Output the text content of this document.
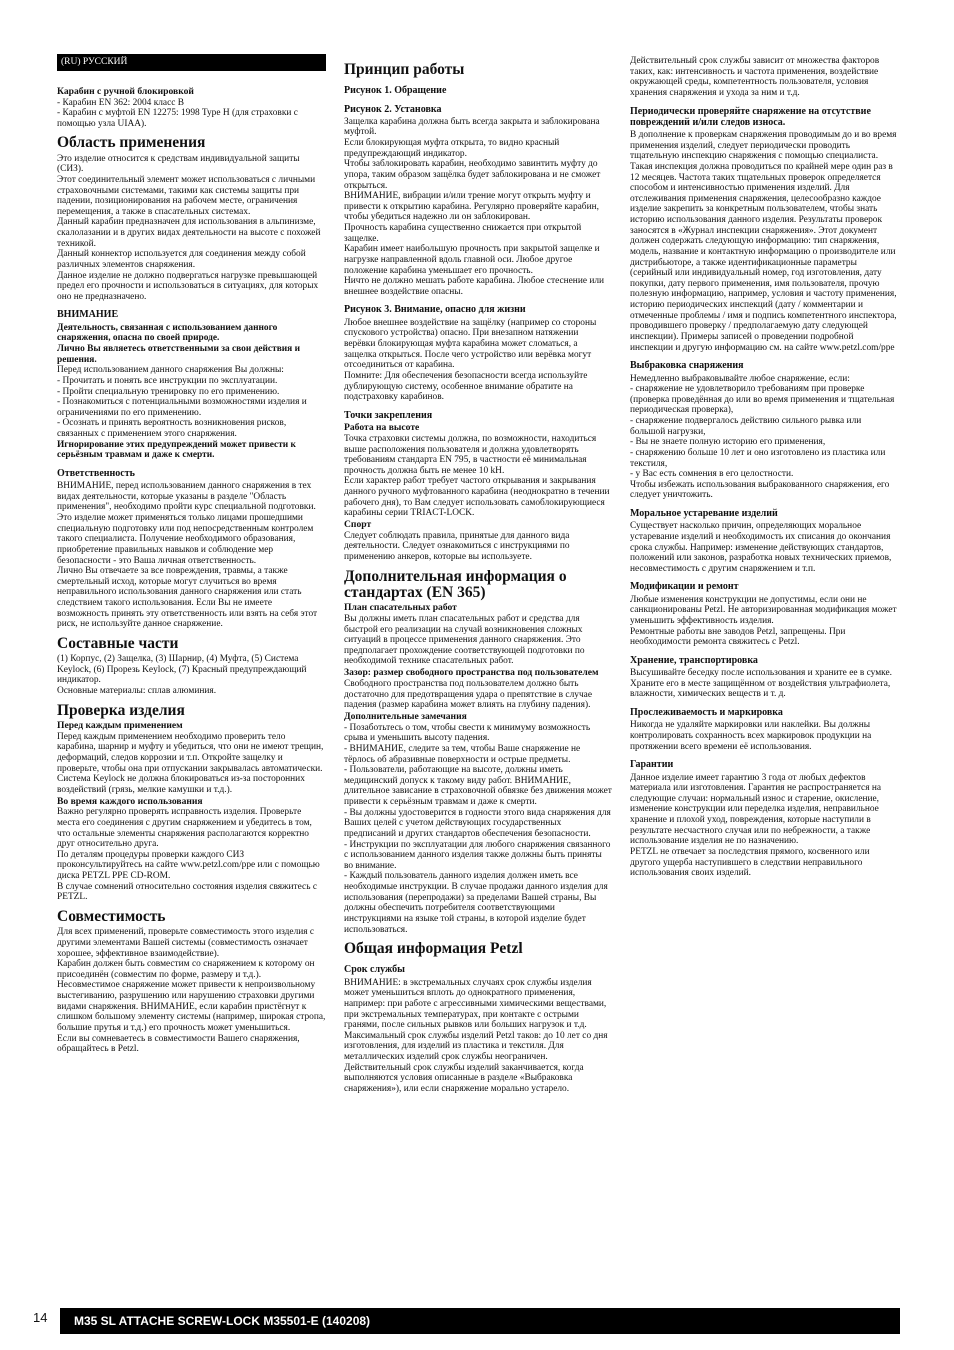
(RU) РУССКИЙ
Карабин с ручной блокировкой
- Карабин EN 362: 2004 класс B
- Карабин с муфтой EN 12275: 1998 Type H (для страховки с помощью узла UIAA).
Область применения
Это изделие относится к средствам индивидуальной защиты (СИЗ).
Этот соединительный элемент может использоваться с личными страховочными системами, такими как системы защиты при падении, позиционирования на рабочем месте, ограничения перемещения, а также в спасательных системах.
Данный карабин предназначен для использования в альпинизме, скалолазании и в других видах деятельности на высоте с похожей техникой.
Данный коннектор используется для соединения между собой различных элементов снаряжения.
Данное изделие не должно подвергаться нагрузке превышающей предел его прочности и использоваться в ситуациях, для которых оно не предназначено.
ВНИМАНИЕ
Деятельность, связанная с использованием данного снаряжения, опасна по своей природе.
Лично Вы являетесь ответственными за свои действия и решения.
Перед использованием данного снаряжения Вы должны:
- Прочитать и понять все инструкции по эксплуатации.
- Пройти специальную тренировку по его применению.
- Познакомиться с потенциальными возможностями изделия и ограничениями по его применению.
- Осознать и принять вероятность возникновения рисков, связанных с применением этого снаряжения.
Игнорирование этих предупреждений может привести к серьёзным травмам и даже к смерти.
Ответственность
ВНИМАНИЕ, перед использованием данного снаряжения в тех видах деятельности, которые указаны в разделе "Область применения", необходимо пройти курс специальной подготовки.
Это изделие может применяться только лицами прошедшими специальную подготовку или под непосредственным контролем такого специалиста. Получение необходимого образования, приобретение правильных навыков и соблюдение мер безопасности - это Ваша личная ответственность.
Лично Вы отвечаете за все повреждения, травмы, а также смертельный исход, которые могут случиться во время неправильного использования данного снаряжения или стать следствием такого использования. Если Вы не имеете возможность принять эту ответственность или взять на себя этот риск, не используйте данное снаряжение.
Составные части
(1) Корпус, (2) Защелка, (3) Шарнир, (4) Муфта, (5) Система Keylock, (6) Прорезь Keylock, (7) Красный предупреждающий индикатор.
Основные материалы: сплав алюминия.
Проверка изделия
Перед каждым применением
Перед каждым применением необходимо проверить тело карабина, шарнир и муфту и убедиться, что они не имеют трещин, деформаций, следов коррозии и т.п. Откройте защелку и проверьте, чтобы она при отпускании закрывалась автоматически. Система Keylock не должна блокироваться из-за посторонних воздействий (грязь, мелкие камушки и т.д.).
Во время каждого использования
Важно регулярно проверять исправность изделия. Проверьте места его соединения с другим снаряжением и убедитесь в том, что остальные элементы снаряжения располагаются корректно друг относительно друга.
По деталям процедуры проверки каждого СИЗ проконсультируйтесь на сайте www.petzl.com/ppe или с помощью диска PETZL PPE CD-ROM.
В случае сомнений относительно состояния изделия свяжитесь с PETZL.
Совместимость
Для всех применений, проверьте совместимость этого изделия с другими элементами Вашей системы (совместимость означает хорошее, эффективное взаимодействие).
Карабин должен быть совместим со снаряжением к которому он присоединён (совместим по форме, размеру и т.д.). Несовместимое снаряжение может привести к непроизвольному выстегиванию, разрушению или нарушению страховки другими видами снаряжения. ВНИМАНИЕ, если карабин пристёгнут к слишком большому элементу системы (например, широкая стропа, большие прутья и т.д.) его прочность может уменьшиться.
Если вы сомневаетесь в совместимости Вашего снаряжения, обращайтесь в Petzl.
Принцип работы
Рисунок 1. Обращение
Рисунок 2. Установка
Защелка карабина должна быть всегда закрыта и заблокирована муфтой.
Если блокирующая муфта открыта, то видно красный предупреждающий индикатор.
Чтобы заблокировать карабин, необходимо завинтить муфту до упора, таким образом защёлка будет заблокирована и не сможет открыться.
ВНИМАНИЕ, вибрации и/или трение могут открыть муфту и привести к открытию карабина. Регулярно проверяйте карабин, чтобы убедиться надежно ли он заблокирован.
Прочность карабина существенно снижается при открытой защелке.
Карабин имеет наибольшую прочность при закрытой защелке и нагрузке направленной вдоль главной оси. Любое другое положение карабина уменьшает его прочность.
Ничто не должно мешать работе карабина. Любое стеснение или внешнее воздействие опасны.
Рисунок 3. Внимание, опасно для жизни
Любое внешнее воздействие на защёлку (например со стороны спускового устройства) опасно. При внезапном натяжении верёвки блокирующая муфта карабина может сломаться, а защелка открыться. После чего устройство или верёвка могут отсоединиться от карабина.
Помните: Для обеспечения безопасности всегда используйте дублирующую систему, особенное внимание обратите на подстраховку карабинов.
Точки закрепления
Работа на высоте
Точка страховки системы должна, по возможности, находиться выше расположения пользователя и должна удовлетворять требованиям стандарта EN 795, в частности её минимальная прочность должна быть не менее 10 kH.
Если характер работ требует частого открывания и закрывания данного ручного муфтованного карабина (неоднократно в течении рабочего дня), то Вам следует использовать самоблокирующиеся карабины серии TRIACT-LOCK.
Спорт
Следует соблюдать правила, принятые для данного вида деятельности. Следует ознакомиться с инструкциями по применению анкеров, которые вы используете.
Дополнительная информация о стандартах (EN 365)
План спасательных работ
Вы должны иметь план спасательных работ и средства для быстрой его реализации на случай возникновения сложных ситуаций в процессе применения данного снаряжения. Это предполагает прохождение соответствующей подготовки по необходимой технике спасательных работ.
Зазор: размер свободного пространства под пользователем
Свободного пространства под пользователем должно быть достаточно для предотвращения удара о препятствие в случае падения (размер карабина может влиять на глубину падения).
Дополнительные замечания
- Позаботьтесь о том, чтобы свести к минимуму возможность срыва и уменьшить высоту падения.
- ВНИМАНИЕ, следите за тем, чтобы Ваше снаряжение не тёрлось об абразивные поверхности и острые предметы.
- Пользователи, работающие на высоте, должны иметь медицинский допуск к такому виду работ. ВНИМАНИЕ, длительное зависание в страховочной обвязке без движения может привести к серьёзным травмам и даже к смерти.
- Вы должны удостоверится в годности этого вида снаряжения для Ваших целей с учетом действующих государственных предписаний и других стандартов обеспечения безопасности.
- Инструкции по эксплуатации для любого снаряжения связанного с использованием данного изделия также должны быть приняты во внимание.
- Каждый пользователь данного изделия должен иметь все необходимые инструкции. В случае продажи данного изделия для использования (перепродажи) за пределами Вашей страны, Вы должны обеспечить потребителя соответствующими инструкциями на языке той страны, в которой изделие будет использоваться.
Общая информация Petzl
Срок службы
ВНИМАНИЕ: в экстремальных случаях срок службы изделия может уменьшиться вплоть до однократного применения, например: при работе с агрессивными химическими веществами, при экстремальных температурах, при контакте с острыми гранями, после сильных рывков или больших нагрузок и т.д.
Максимальный срок службы изделий Petzl таков: до 10 лет со дня изготовления, для изделий из пластика и текстиля. Для металлических изделий срок службы неограничен.
Действительный срок службы изделий заканчивается, когда выполняются условия описанные в разделе «Выбраковка снаряжения»), или если снаряжение морально устарело.
Действительный срок службы зависит от множества факторов таких, как: интенсивность и частота применения, воздействие окружающей среды, компетентность пользователя, условия хранения снаряжения и ухода за ним и т.д.
Периодически проверяйте снаряжение на отсутствие повреждений и/или следов износа.
В дополнение к проверкам снаряжения проводимым до и во время применения изделий, следует периодически проводить тщательную инспекцию снаряжения с помощью специалиста. Такая инспекция должна проводиться по крайней мере один раз в 12 месяцев. Частота таких тщательных проверок определяется способом и интенсивностью применения изделий. Для отслеживания применения снаряжения, целесообразно каждое изделие закрепить за конкретным пользователем, чтобы знать историю использования данного изделия. Результаты проверок заносятся в «Журнал инспекции снаряжения». Этот документ должен содержать следующую информацию: тип снаряжения, модель, название и контактную информацию о производителе или дистрибьюторе, а также идентификационные параметры (серийный или индивидуальный номер, год изготовления, дату покупки, дату первого применения, имя пользователя, прочую полезную информацию, например, условия и частоту применения, историю периодических инспекций (дату / комментарии и отмеченные проблемы / имя и подпись компетентного инспектора, проводившего проверку / предполагаемую дату следующей инспекции). Примеры записей о проведении подробной инспекции и другую информацию см. на сайте www.petzl.com/ppe
Выбраковка снаряжения
Немедленно выбраковывайте любое снаряжение, если:
- снаряжение не удовлетворило требованиям при проверке (проверка проведённая до или во время применения и тщательная периодическая проверка),
- снаряжение подвергалось действию сильного рывка или большой нагрузки,
- Вы не знаете полную историю его применения,
- снаряжению больше 10 лет и оно изготовлено из пластика или текстиля,
- у Вас есть сомнения в его целостности.
Чтобы избежать использования выбракованного снаряжения, его следует уничтожить.
Моральное устаревание изделий
Существует насколько причин, определяющих моральное устаревание изделий и необходимость их списания до окончания срока службы. Например: изменение действующих стандартов, положений или законов, разработка новых технических приемов, несовместимость с другим снаряжением и т.п.
Модификации и ремонт
Любые изменения конструкции не допустимы, если они не санкционированы Petzl. Не авторизированная модификация может уменьшить эффективность изделия.
Ремонтные работы вне заводов Petzl, запрещены. При необходимости ремонта свяжитесь с Petzl.
Хранение, транспортировка
Высушивайте беседку после использования и храните ее в сумке.
Храните его в месте защищённом от воздействия ультрафиолета, влажности, химических веществ и т. д.
Прослеживаемость и маркировка
Никогда не удаляйте маркировки или наклейки. Вы должны контролировать сохранность всех маркировок продукции на протяжении всего времени её использования.
Гарантии
Данное изделие имеет гарантию 3 года от любых дефектов материала или изготовления. Гарантия не распространяется на следующие случаи: нормальный износ и старение, окисление, изменение конструкции или переделка изделия, неправильное хранение и плохой уход, повреждения, которые наступили в результате несчастного случая или по небрежности, а также использование изделия не по назначению.
PETZL не отвечает за последствия прямого, косвенного или другого ущерба наступившего в следствии неправильного использования своих изделий.
14	M35 SL ATTACHE SCREW-LOCK M35501-E (140208)
